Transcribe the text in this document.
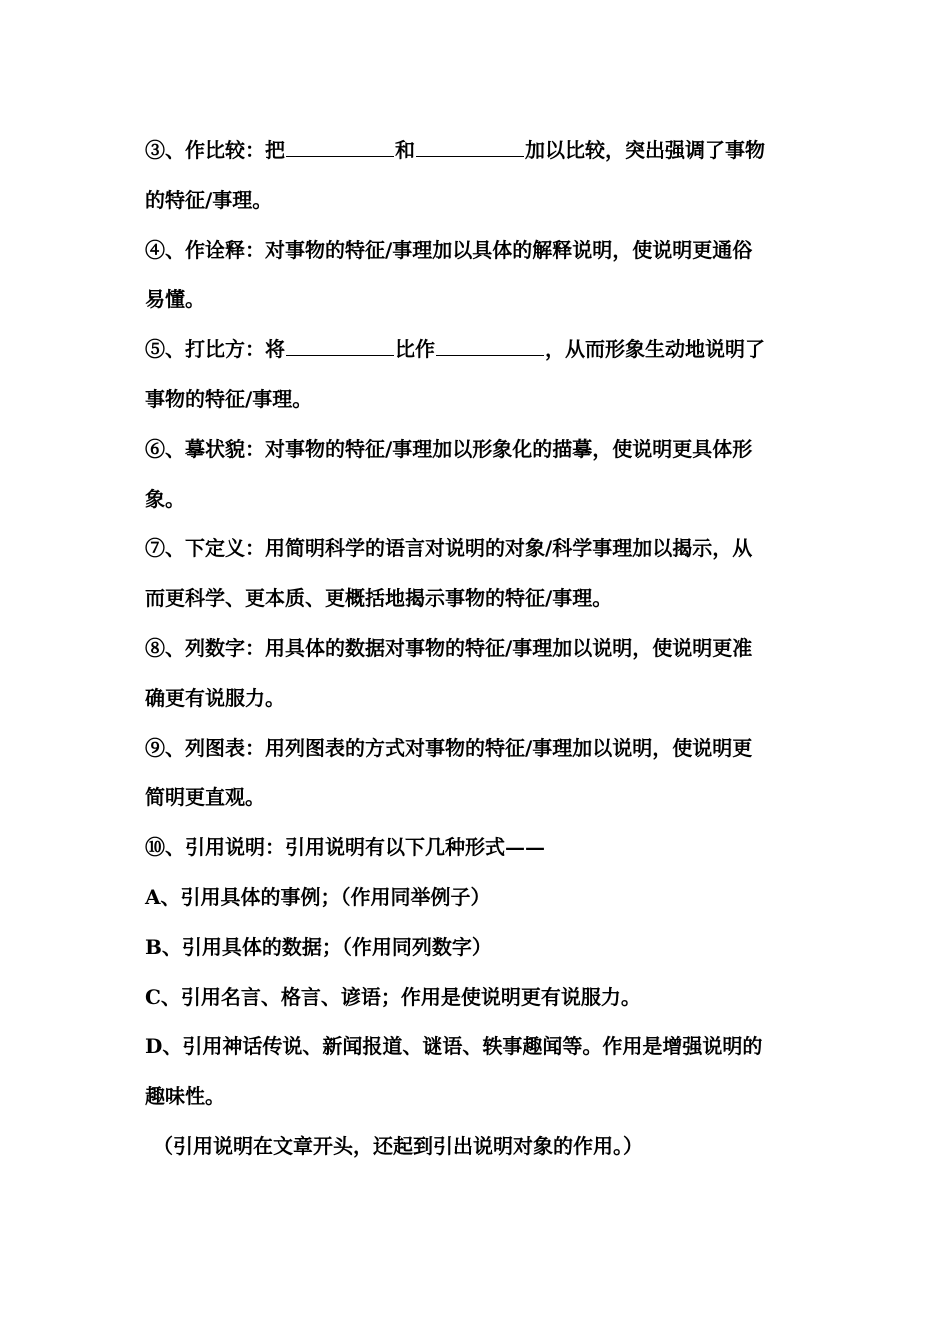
③、作比较：把	和	加以比较，突出强调了事物
的特征/事理。
④、作诠释：对事物的特征/事理加以具体的解释说明，使说明更通俗
易懂。
⑤、打比方：将	比作	，从而形象生动地说明了
事物的特征/事理。
⑥、摹状貌：对事物的特征/事理加以形象化的描摹，使说明更具体形
象。
⑦、下定义：用简明科学的语言对说明的对象/科学事理加以揭示，从
而更科学、更本质、更概括地揭示事物的特征/事理。
⑧、列数字：用具体的数据对事物的特征/事理加以说明，使说明更准
确更有说服力。
⑨、列图表：用列图表的方式对事物的特征/事理加以说明，使说明更
简明更直观。
⑩、引用说明：引用说明有以下几种形式——
A、引用具体的事例；（作用同举例子）
B、引用具体的数据；（作用同列数字）
C、引用名言、格言、谚语；作用是使说明更有说服力。
D、引用神话传说、新闻报道、谜语、轶事趣闻等。作用是增强说明的
趣味性。
（引用说明在文章开头，还起到引出说明对象的作用。）
